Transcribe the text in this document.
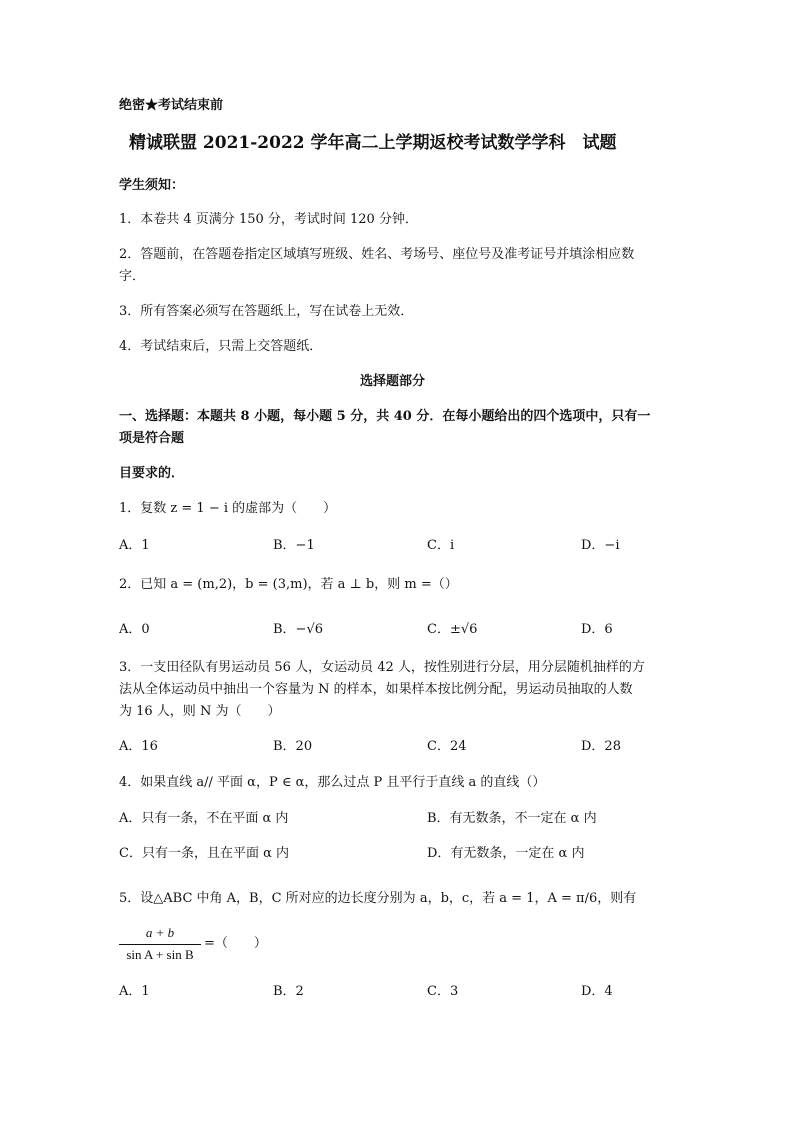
绝密★考试结束前
精诚联盟 2021-2022 学年高二上学期返校考试数学学科　试题
学生须知：
1．本卷共 4 页满分 150 分，考试时间 120 分钟．
2．答题前，在答题卷指定区域填写班级、姓名、考场号、座位号及准考证号并填涂相应数
字．
3．所有答案必须写在答题纸上，写在试卷上无效．
4．考试结束后，只需上交答题纸．
选择题部分
一、选择题：本题共 8 小题，每小题 5 分，共 40 分．在每小题给出的四个选项中，只有一
项是符合题
目要求的．
1．复数 z = 1 − i 的虚部为（　　）
A．1	B．−1	C．i	D．−i
2．已知 a = (m,2)，b = (3,m)，若 a ⊥ b，则 m =（）
A．0	B．−√6	C．±√6	D．6
3．一支田径队有男运动员 56 人，女运动员 42 人，按性别进行分层，用分层随机抽样的方
法从全体运动员中抽出一个容量为 N 的样本，如果样本按比例分配，男运动员抽取的人数
为 16 人，则 N 为（　　）
A．16	B．20	C．24	D．28
4．如果直线 a// 平面 α，P ∈ α，那么过点 P 且平行于直线 a 的直线（）
A．只有一条，不在平面 α 内	B．有无数条，不一定在 α 内
C．只有一条，且在平面 α 内	D．有无数条，一定在 α 内
5．设△ABC 中角 A，B，C 所对应的边长度分别为 a，b，c，若 a = 1，A = π/6，则有
a + b
sin A + sin B
=（　　）
A．1	B．2	C．3	D．4
